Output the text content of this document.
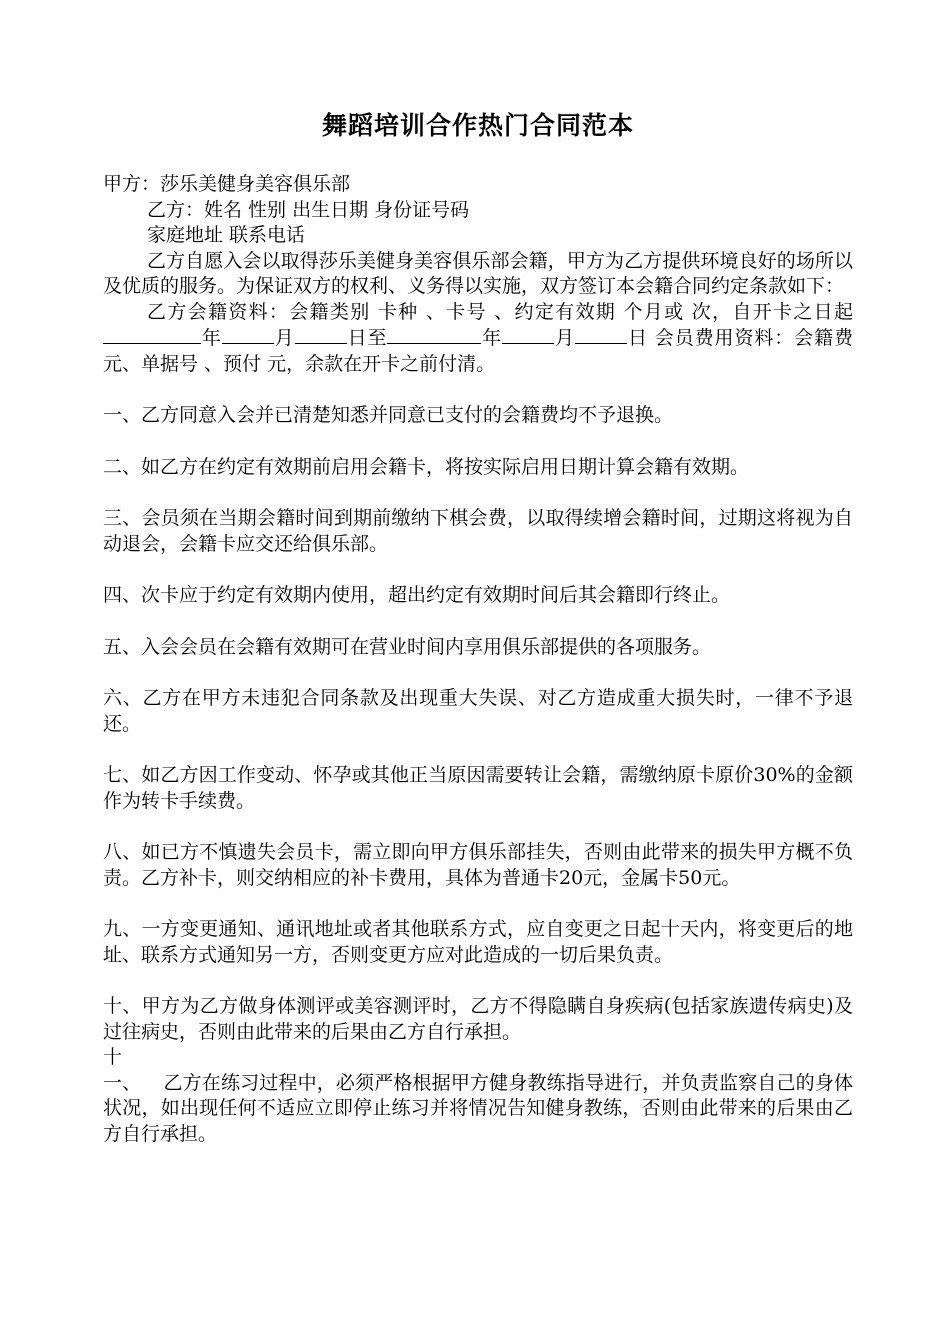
舞蹈培训合作热门合同范本

甲方：莎乐美健身美容俱乐部

乙方：姓名 性别 出生日期 身份证号码

家庭地址 联系电话

乙方自愿入会以取得莎乐美健身美容俱乐部会籍，甲方为乙方提供环境良好的场所以及优质的服务。为保证双方的权利、义务得以实施，双方签订本会籍合同约定条款如下：

乙方会籍资料：会籍类别 卡种 、卡号 、约定有效期 个月或 次，自开卡之日起年	月	日至	年	月	日 会员费用资料：会籍费 元、单据号 、预付 元，余款在开卡之前付清。

一、乙方同意入会并已清楚知悉并同意已支付的会籍费均不予退换。

二、如乙方在约定有效期前启用会籍卡，将按实际启用日期计算会籍有效期。

三、会员须在当期会籍时间到期前缴纳下棋会费，以取得续增会籍时间，过期这将视为自动退会，会籍卡应交还给俱乐部。

四、次卡应于约定有效期内使用，超出约定有效期时间后其会籍即行终止。

五、入会会员在会籍有效期可在营业时间内享用俱乐部提供的各项服务。

六、乙方在甲方未违犯合同条款及出现重大失误、对乙方造成重大损失时，一律不予退还。

七、如乙方因工作变动、怀孕或其他正当原因需要转让会籍，需缴纳原卡原价30%的金额作为转卡手续费。

八、如已方不慎遗失会员卡，需立即向甲方俱乐部挂失，否则由此带来的损失甲方概不负责。乙方补卡，则交纳相应的补卡费用，具体为普通卡20元，金属卡50元。

九、一方变更通知、通讯地址或者其他联系方式，应自变更之日起十天内，将变更后的地址、联系方式通知另一方，否则变更方应对此造成的一切后果负责。

十、甲方为乙方做身体测评或美容测评时，乙方不得隐瞒自身疾病(包括家族遗传病史)及过往病史，否则由此带来的后果由乙方自行承担。

十

一、 乙方在练习过程中，必须严格根据甲方健身教练指导进行，并负责监察自己的身体状况，如出现任何不适应立即停止练习并将情况告知健身教练，否则由此带来的后果由乙方自行承担。
